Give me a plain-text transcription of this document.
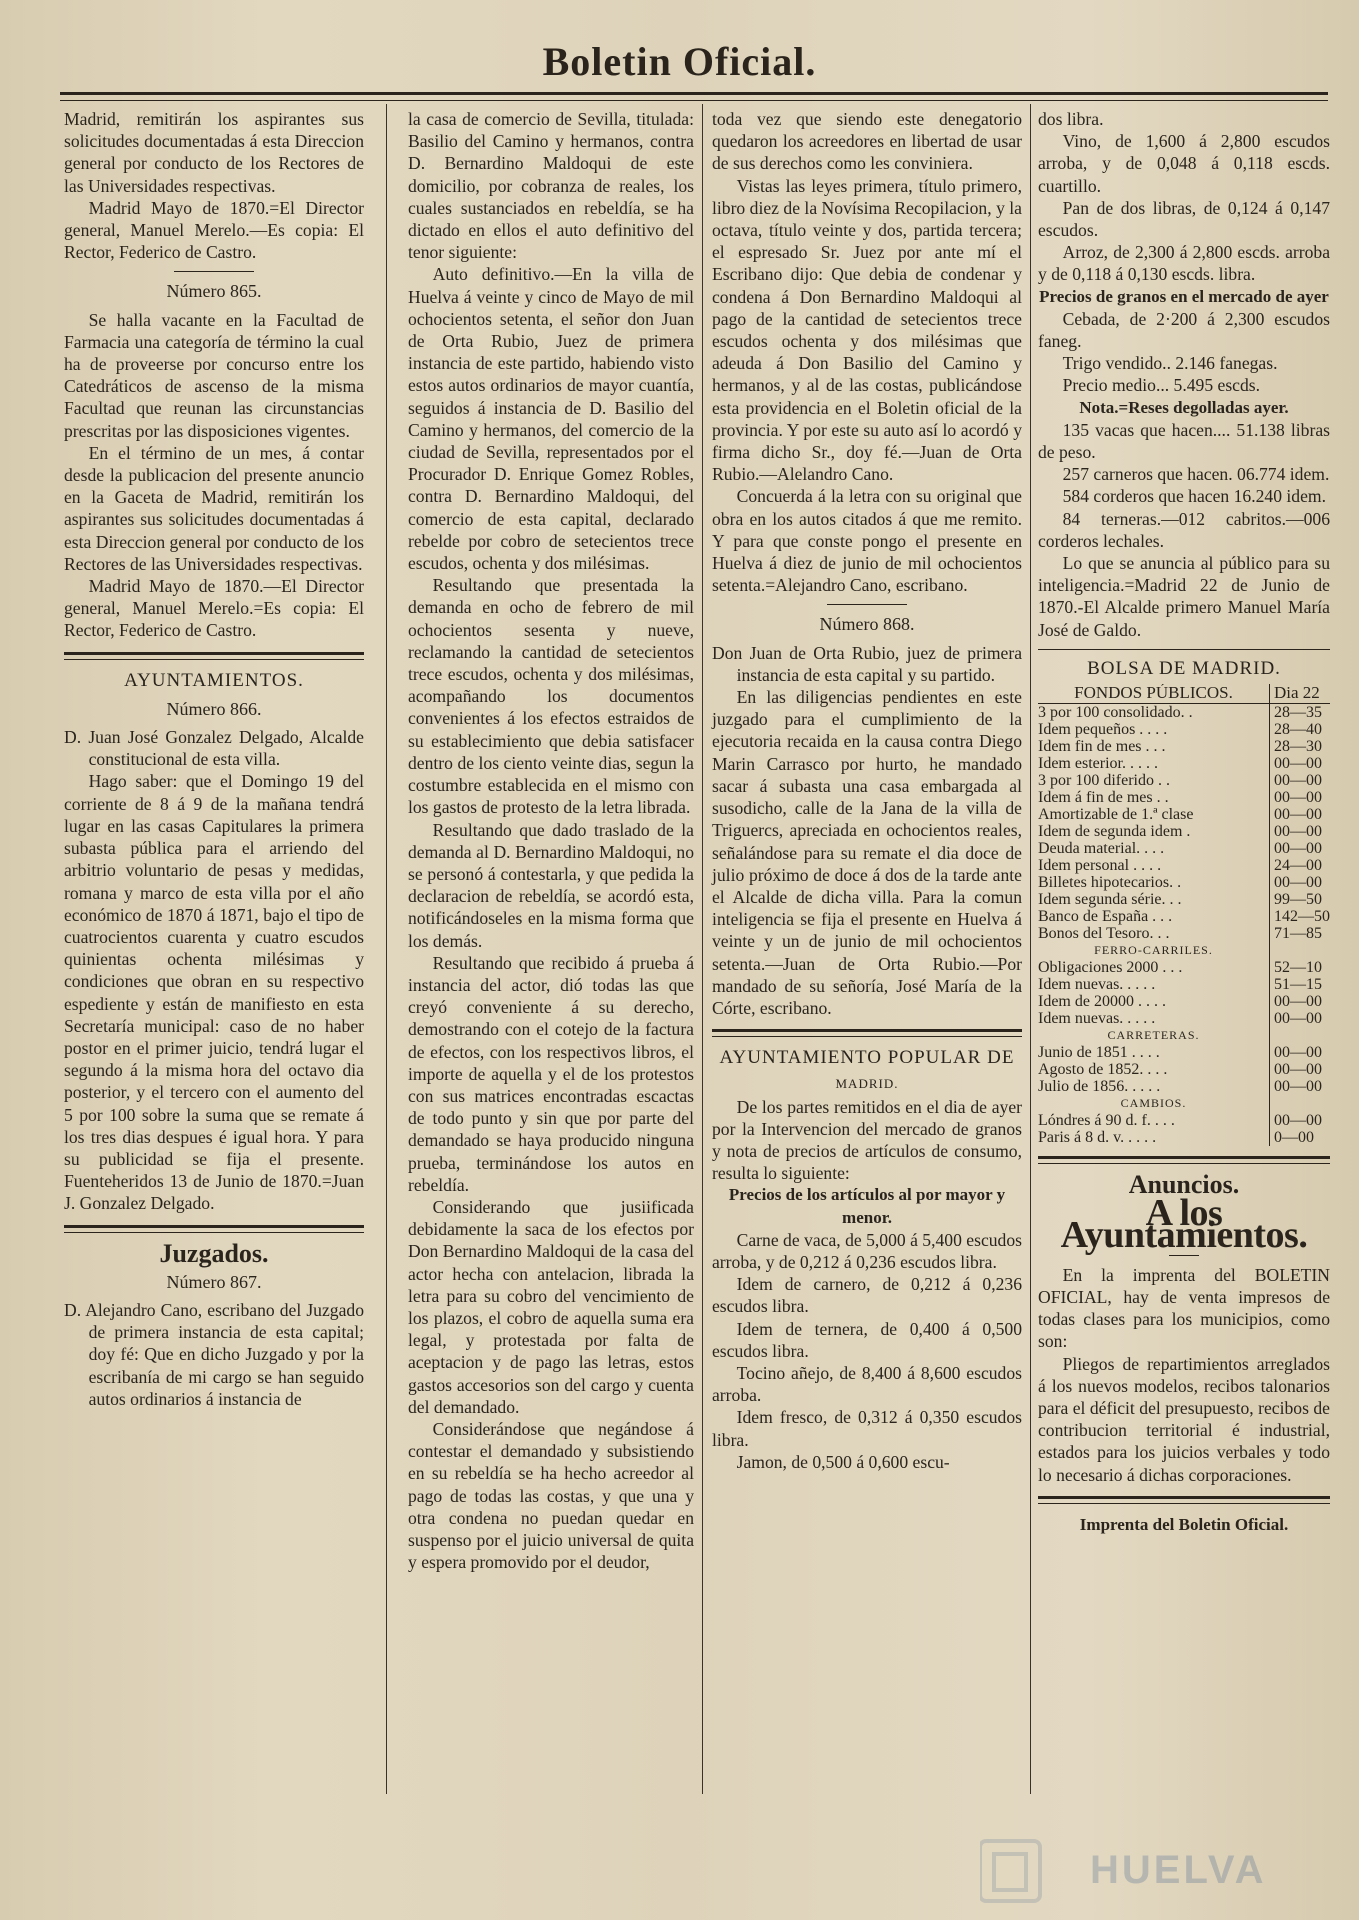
Boletin Oficial.

Madrid, remitirán los aspirantes sus solicitudes documentadas á esta Direccion general por conducto de los Rectores de las Universidades respectivas.

Madrid Mayo de 1870.=El Director general, Manuel Merelo.—Es copia: El Rector, Federico de Castro.

Número 865.

Se halla vacante en la Facultad de Farmacia una categoría de término la cual ha de proveerse por concurso entre los Catedráticos de ascenso de la misma Facultad que reunan las circunstancias prescritas por las disposiciones vigentes.

En el término de un mes, á contar desde la publicacion del presente anuncio en la Gaceta de Madrid, remitirán los aspirantes sus solicitudes documentadas á esta Direccion general por conducto de los Rectores de las Universidades respectivas.

Madrid Mayo de 1870.—El Director general, Manuel Merelo.=Es copia: El Rector, Federico de Castro.

AYUNTAMIENTOS.
Número 866.

D. Juan José Gonzalez Delgado, Alcalde constitucional de esta villa.

Hago saber: que el Domingo 19 del corriente de 8 á 9 de la mañana tendrá lugar en las casas Capitulares la primera subasta pública para el arriendo del arbitrio voluntario de pesas y medidas, romana y marco de esta villa por el año económico de 1870 á 1871, bajo el tipo de cuatrocientos cuarenta y cuatro escudos quinientas ochenta milésimas y condiciones que obran en su respectivo espediente y están de manifiesto en esta Secretaría municipal: caso de no haber postor en el primer juicio, tendrá lugar el segundo á la misma hora del octavo dia posterior, y el tercero con el aumento del 5 por 100 sobre la suma que se remate á los tres dias despues é igual hora. Y para su publicidad se fija el presente. Fuenteheridos 13 de Junio de 1870.=Juan J. Gonzalez Delgado.

Juzgados.
Número 867.

D. Alejandro Cano, escribano del Juzgado de primera instancia de esta capital; doy fé: Que en dicho Juzgado y por la escribanía de mi cargo se han seguido autos ordinarios á instancia de

la casa de comercio de Sevilla, titulada: Basilio del Camino y hermanos, contra D. Bernardino Maldoqui de este domicilio, por cobranza de reales, los cuales sustanciados en rebeldía, se ha dictado en ellos el auto definitivo del tenor siguiente:

Auto definitivo.—En la villa de Huelva á veinte y cinco de Mayo de mil ochocientos setenta, el señor don Juan de Orta Rubio, Juez de primera instancia de este partido, habiendo visto estos autos ordinarios de mayor cuantía, seguidos á instancia de D. Basilio del Camino y hermanos, del comercio de la ciudad de Sevilla, representados por el Procurador D. Enrique Gomez Robles, contra D. Bernardino Maldoqui, del comercio de esta capital, declarado rebelde por cobro de setecientos trece escudos, ochenta y dos milésimas.

Resultando que presentada la demanda en ocho de febrero de mil ochocientos sesenta y nueve, reclamando la cantidad de setecientos trece escudos, ochenta y dos milésimas, acompañando los documentos convenientes á los efectos estraidos de su establecimiento que debia satisfacer dentro de los ciento veinte dias, segun la costumbre establecida en el mismo con los gastos de protesto de la letra librada.

Resultando que dado traslado de la demanda al D. Bernardino Maldoqui, no se personó á contestarla, y que pedida la declaracion de rebeldía, se acordó esta, notificándoseles en la misma forma que los demás.

Resultando que recibido á prueba á instancia del actor, dió todas las que creyó conveniente á su derecho, demostrando con el cotejo de la factura de efectos, con los respectivos libros, el importe de aquella y el de los protestos con sus matrices encontradas escactas de todo punto y sin que por parte del demandado se haya producido ninguna prueba, terminándose los autos en rebeldía.

Considerando que jusiificada debidamente la saca de los efectos por Don Bernardino Maldoqui de la casa del actor hecha con antelacion, librada la letra para su cobro del vencimiento de los plazos, el cobro de aquella suma era legal, y protestada por falta de aceptacion y de pago las letras, estos gastos accesorios son del cargo y cuenta del demandado.

Considerándose que negándose á contestar el demandado y subsistiendo en su rebeldía se ha hecho acreedor al pago de todas las costas, y que una y otra condena no puedan quedar en suspenso por el juicio universal de quita y espera promovido por el deudor,

toda vez que siendo este denegatorio quedaron los acreedores en libertad de usar de sus derechos como les conviniera.

Vistas las leyes primera, título primero, libro diez de la Novísima Recopilacion, y la octava, título veinte y dos, partida tercera; el espresado Sr. Juez por ante mí el Escribano dijo: Que debia de condenar y condena á Don Bernardino Maldoqui al pago de la cantidad de setecientos trece escudos ochenta y dos milésimas que adeuda á Don Basilio del Camino y hermanos, y al de las costas, publicándose esta providencia en el Boletin oficial de la provincia. Y por este su auto así lo acordó y firma dicho Sr., doy fé.—Juan de Orta Rubio.—Alelandro Cano.

Concuerda á la letra con su original que obra en los autos citados á que me remito. Y para que conste pongo el presente en Huelva á diez de junio de mil ochocientos setenta.=Alejandro Cano, escribano.

Número 868.

Don Juan de Orta Rubio, juez de primera instancia de esta capital y su partido.

En las diligencias pendientes en este juzgado para el cumplimiento de la ejecutoria recaida en la causa contra Diego Marin Carrasco por hurto, he mandado sacar á subasta una casa embargada al susodicho, calle de la Jana de la villa de Triguercs, apreciada en ochocientos reales, señalándose para su remate el dia doce de julio próximo de doce á dos de la tarde ante el Alcalde de dicha villa. Para la comun inteligencia se fija el presente en Huelva á veinte y un de junio de mil ochocientos setenta.—Juan de Orta Rubio.—Por mandado de su señoría, José María de la Córte, escribano.

AYUNTAMIENTO POPULAR DE
MADRID.

De los partes remitidos en el dia de ayer por la Intervencion del mercado de granos y nota de precios de artículos de consumo, resulta lo siguiente:

Precios de los artículos al por mayor y menor.

Carne de vaca, de 5,000 á 5,400 escudos arroba, y de 0,212 á 0,236 escudos libra.

Idem de carnero, de 0,212 á 0,236 escudos libra.

Idem de ternera, de 0,400 á 0,500 escudos libra.

Tocino añejo, de 8,400 á 8,600 escudos arroba.

Idem fresco, de 0,312 á 0,350 escudos libra.

Jamon, de 0,500 á 0,600 escu-

dos libra.

Vino, de 1,600 á 2,800 escudos arroba, y de 0,048 á 0,118 escds. cuartillo.

Pan de dos libras, de 0,124 á 0,147 escudos.

Arroz, de 2,300 á 2,800 escds. arroba y de 0,118 á 0,130 escds. libra.

Precios de granos en el mercado de ayer

Cebada, de 2·200 á 2,300 escudos faneg.

Trigo vendido.. 2.146 fanegas.

Precio medio... 5.495 escds.

Nota.=Reses degolladas ayer.

135 vacas que hacen.... 51.138 libras de peso.

257 carneros que hacen. 06.774 idem.

584 corderos que hacen 16.240 idem.

84 terneras.—012 cabritos.—006 corderos lechales.

Lo que se anuncia al público para su inteligencia.=Madrid 22 de Junio de 1870.-El Alcalde primero Manuel María José de Galdo.

BOLSA DE MADRID.
FONDOS PÚBLICOS.	Dia 22
3 por 100 consolidado. .	28—35
Idem pequeños . . . .	28—40
Idem fin de mes . . .	28—30
Idem esterior. . . . .	00—00
3 por 100 diferido . .	00—00
Idem á fin de mes . .	00—00
Amortizable de 1.ª clase	00—00
Idem de segunda idem .	00—00
Deuda material. . . .	00—00
Idem personal . . . .	24—00
Billetes hipotecarios. .	00—00
Idem segunda série. . .	99—50
Banco de España . . .	142—50
Bonos del Tesoro. . .	71—85
FERRO-CARRILES.	
Obligaciones 2000 . . .	52—10
Idem nuevas. . . . .	51—15
Idem de 20000 . . . .	00—00
Idem nuevas. . . . .	00—00
CARRETERAS.	
Junio de 1851 . . . .	00—00
Agosto de 1852. . . .	00—00
Julio de 1856. . . . .	00—00
CAMBIOS.	
Lóndres á 90 d. f. . . .	00—00
Paris á 8 d. v. . . . .	0—00
Anuncios.
A los Ayuntamientos.

En la imprenta del BOLETIN OFICIAL, hay de venta impresos de todas clases para los municipios, como son:

Pliegos de repartimientos arreglados á los nuevos modelos, recibos talonarios para el déficit del presupuesto, recibos de contribucion territorial é industrial, estados para los juicios verbales y todo lo necesario á dichas corporaciones.

Imprenta del Boletin Oficial.
HUELVA
